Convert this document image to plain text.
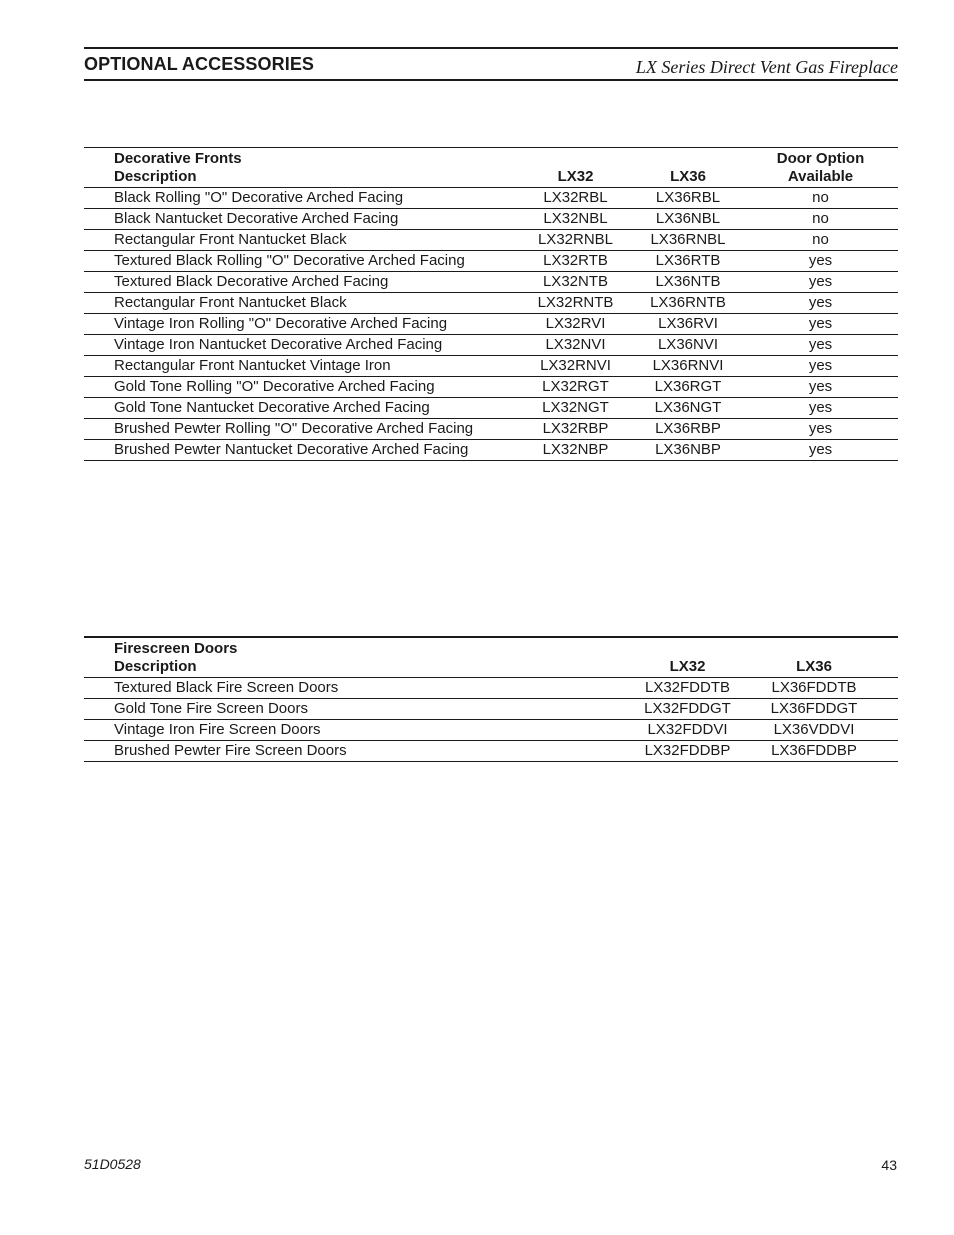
OPTIONAL ACCESSORIES	LX Series Direct Vent Gas Fireplace
Decorative Fronts
Description	LX32	LX36	Door Option
Available
Black Rolling "O" Decorative Arched Facing	LX32RBL	LX36RBL	no
Black Nantucket Decorative Arched Facing	LX32NBL	LX36NBL	no
Rectangular Front Nantucket Black	LX32RNBL	LX36RNBL	no
Textured Black Rolling "O" Decorative Arched Facing	LX32RTB	LX36RTB	yes
Textured Black Decorative Arched Facing	LX32NTB	LX36NTB	yes
Rectangular Front Nantucket Black	LX32RNTB	LX36RNTB	yes
Vintage Iron Rolling "O" Decorative Arched Facing	LX32RVI	LX36RVI	yes
Vintage Iron Nantucket Decorative Arched Facing	LX32NVI	LX36NVI	yes
Rectangular Front Nantucket Vintage Iron	LX32RNVI	LX36RNVI	yes
Gold Tone Rolling "O" Decorative Arched Facing	LX32RGT	LX36RGT	yes
Gold Tone Nantucket Decorative Arched Facing	LX32NGT	LX36NGT	yes
Brushed Pewter Rolling "O" Decorative Arched Facing	LX32RBP	LX36RBP	yes
Brushed Pewter Nantucket Decorative Arched Facing	LX32NBP	LX36NBP	yes
Firescreen Doors
Description	LX32	LX36	
Textured Black Fire Screen Doors	LX32FDDTB	LX36FDDTB	
Gold Tone Fire Screen Doors	LX32FDDGT	LX36FDDGT	
Vintage Iron Fire Screen Doors	LX32FDDVI	LX36VDDVI	
Brushed Pewter Fire Screen Doors	LX32FDDBP	LX36FDDBP	
51D0528	43
